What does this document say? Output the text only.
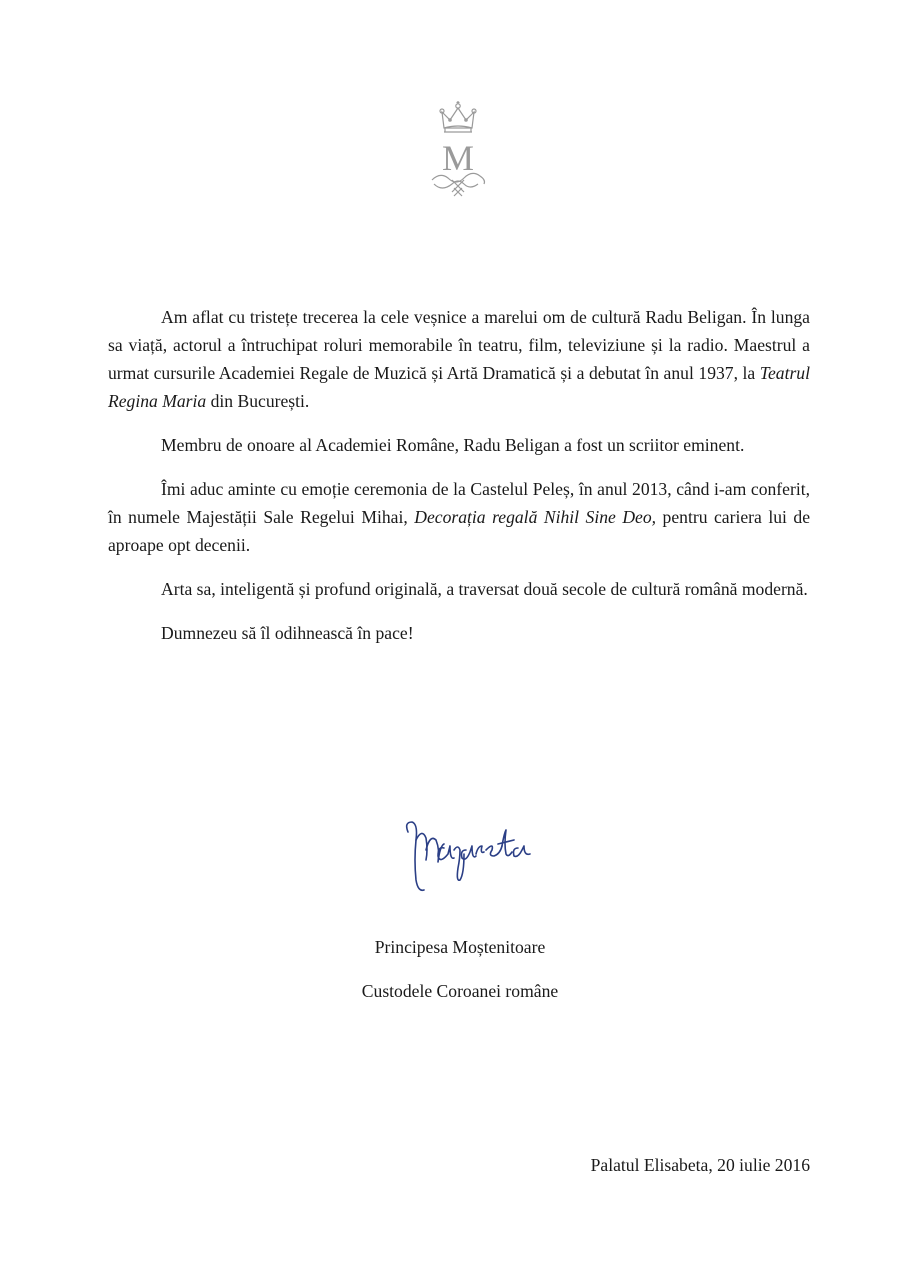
M

Am aflat cu tristețe trecerea la cele veșnice a marelui om de cultură Radu Beligan. În lunga sa viață, actorul a întruchipat roluri memorabile în teatru, film, televiziune și la radio. Maestrul a urmat cursurile Academiei Regale de Muzică și Artă Dramatică și a debutat în anul 1937, la Teatrul Regina Maria din București.

Membru de onoare al Academiei Române, Radu Beligan a fost un scriitor eminent.

Îmi aduc aminte cu emoție ceremonia de la Castelul Peleș, în anul 2013, când i-am conferit, în numele Majestății Sale Regelui Mihai, Decorația regală Nihil Sine Deo, pentru cariera lui de aproape opt decenii.

Arta sa, inteligentă și profund originală, a traversat două secole de cultură română modernă.

Dumnezeu să îl odihnească în pace!

Principesa Moștenitoare
Custodele Coroanei române
Palatul Elisabeta, 20 iulie 2016
